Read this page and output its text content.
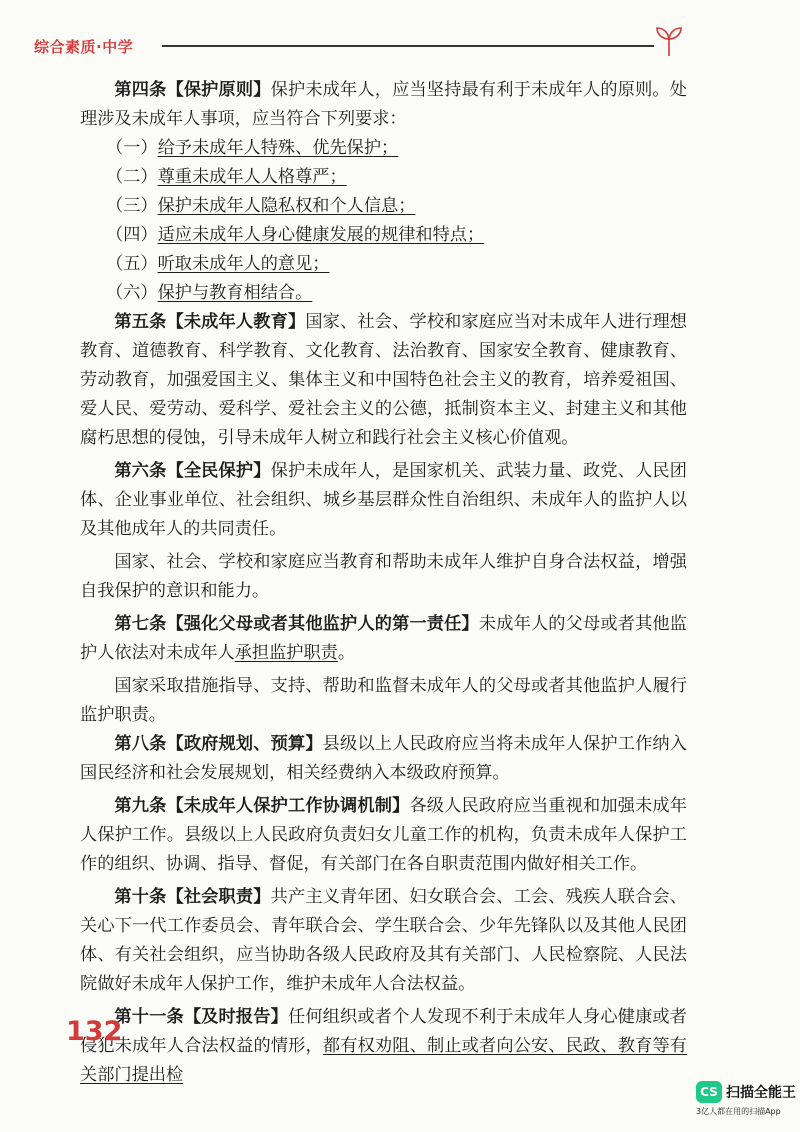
综合素质·中学

第四条【保护原则】保护未成年人，应当坚持最有利于未成年人的原则。处理涉及未成年人事项，应当符合下列要求：

（一）给予未成年人特殊、优先保护；

（二）尊重未成年人人格尊严；

（三）保护未成年人隐私权和个人信息；

（四）适应未成年人身心健康发展的规律和特点；

（五）听取未成年人的意见；

（六）保护与教育相结合。

第五条【未成年人教育】国家、社会、学校和家庭应当对未成年人进行理想教育、道德教育、科学教育、文化教育、法治教育、国家安全教育、健康教育、劳动教育，加强爱国主义、集体主义和中国特色社会主义的教育，培养爱祖国、爱人民、爱劳动、爱科学、爱社会主义的公德，抵制资本主义、封建主义和其他腐朽思想的侵蚀，引导未成年人树立和践行社会主义核心价值观。

第六条【全民保护】保护未成年人，是国家机关、武装力量、政党、人民团体、企业事业单位、社会组织、城乡基层群众性自治组织、未成年人的监护人以及其他成年人的共同责任。

国家、社会、学校和家庭应当教育和帮助未成年人维护自身合法权益，增强自我保护的意识和能力。

第七条【强化父母或者其他监护人的第一责任】未成年人的父母或者其他监护人依法对未成年人承担监护职责。

国家采取措施指导、支持、帮助和监督未成年人的父母或者其他监护人履行监护职责。

第八条【政府规划、预算】县级以上人民政府应当将未成年人保护工作纳入国民经济和社会发展规划，相关经费纳入本级政府预算。

第九条【未成年人保护工作协调机制】各级人民政府应当重视和加强未成年人保护工作。县级以上人民政府负责妇女儿童工作的机构，负责未成年人保护工作的组织、协调、指导、督促，有关部门在各自职责范围内做好相关工作。

第十条【社会职责】共产主义青年团、妇女联合会、工会、残疾人联合会、关心下一代工作委员会、青年联合会、学生联合会、少年先锋队以及其他人民团体、有关社会组织，应当协助各级人民政府及其有关部门、人民检察院、人民法院做好未成年人保护工作，维护未成年人合法权益。

第十一条【及时报告】任何组织或者个人发现不利于未成年人身心健康或者侵犯未成年人合法权益的情形，都有权劝阻、制止或者向公安、民政、教育等有关部门提出检

132
CS 扫描全能王
3亿人都在用的扫描App
